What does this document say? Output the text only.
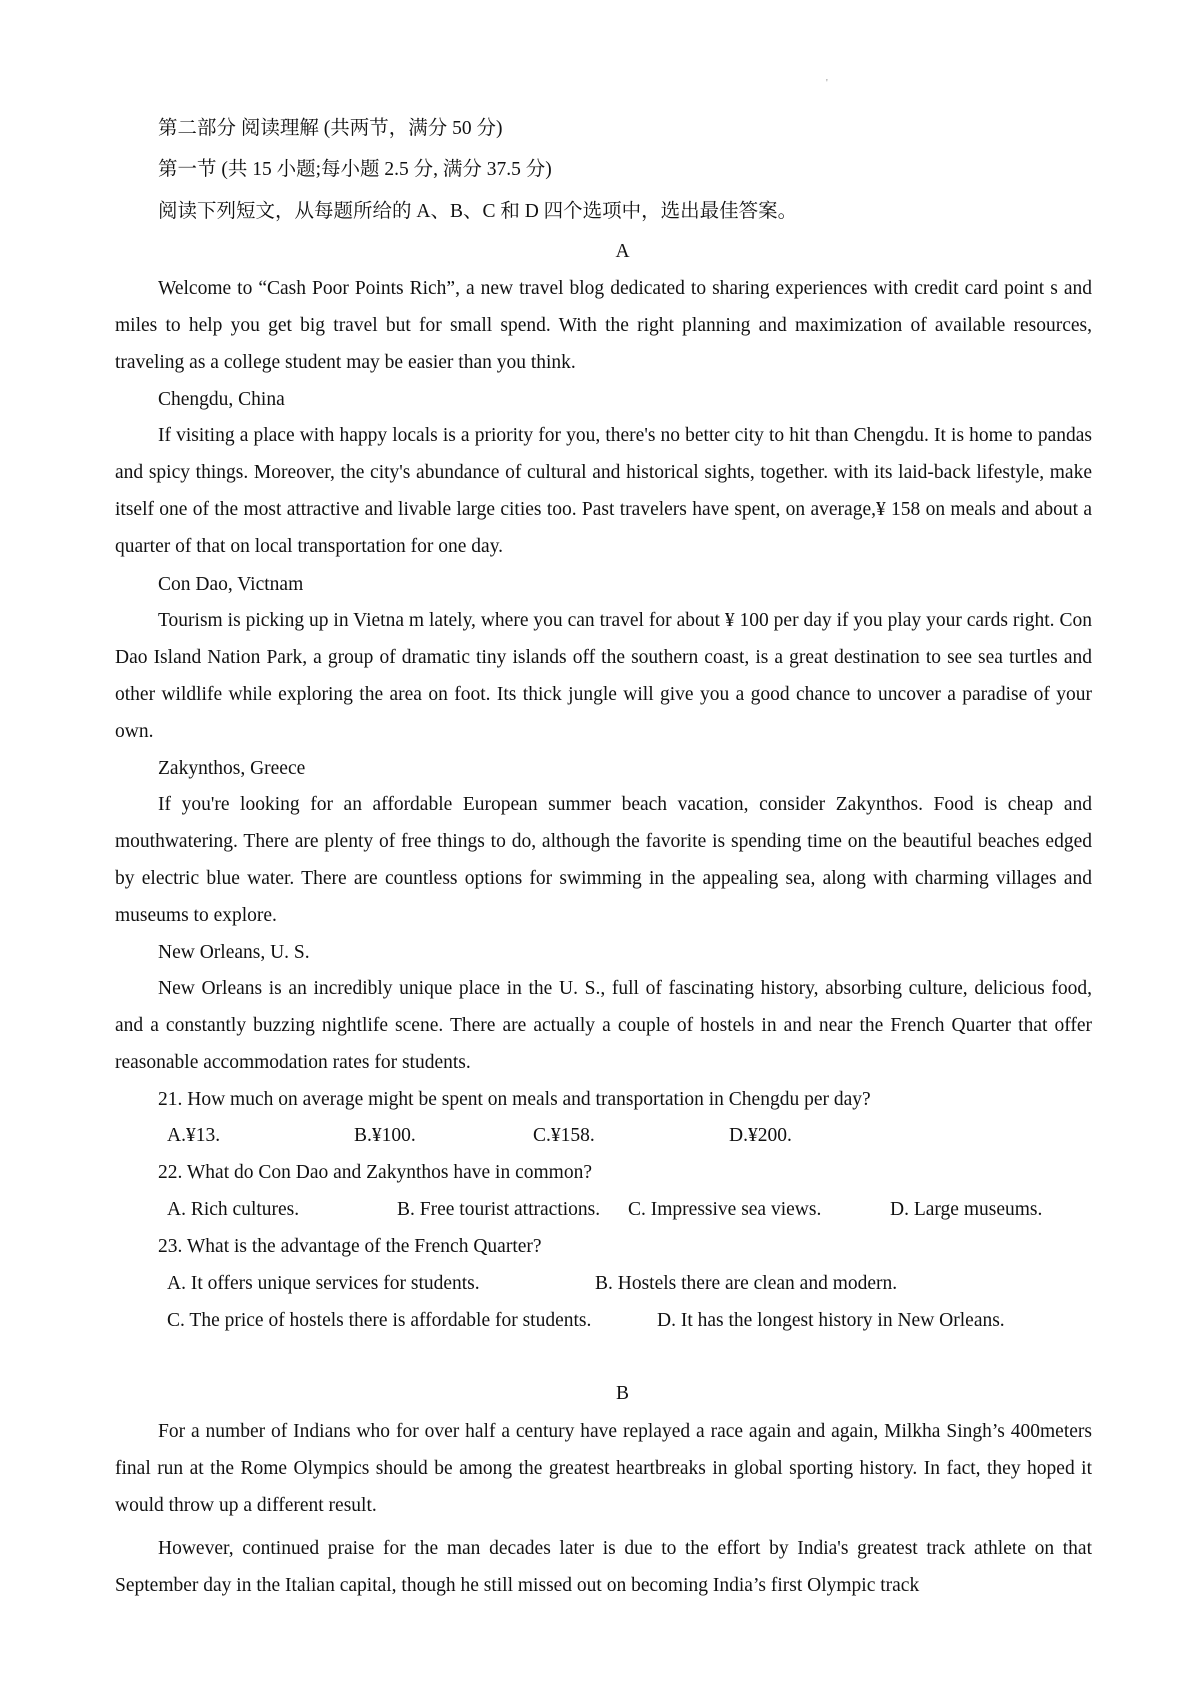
'
第二部分 阅读理解 (共两节，满分 50 分)
第一节 (共 15 小题;每小题 2.5 分, 满分 37.5 分)
阅读下列短文，从每题所给的 A、B、C 和 D 四个选项中，选出最佳答案。
A
Welcome to “Cash Poor Points Rich”, a new travel blog dedicated to sharing experiences with credit card point s and miles to help you get big travel but for small spend. With the right planning and maximization of available resources, traveling as a college student may be easier than you think.
Chengdu, China
If visiting a place with happy locals is a priority for you, there's no better city to hit than Chengdu. It is home to pandas and spicy things. Moreover, the city's abundance of cultural and historical sights, together. with its laid-back lifestyle, make itself one of the most attractive and livable large cities too. Past travelers have spent, on average,¥ 158 on meals and about a quarter of that on local transportation for one day.
Con Dao, Victnam
Tourism is picking up in Vietna m lately, where you can travel for about ¥ 100 per day if you play your cards right. Con Dao Island Nation Park, a group of dramatic tiny islands off the southern coast, is a great destination to see sea turtles and other wildlife while exploring the area on foot. Its thick jungle will give you a good chance to uncover a paradise of your own.
Zakynthos, Greece
If you're looking for an affordable European summer beach vacation, consider Zakynthos. Food is cheap and mouthwatering. There are plenty of free things to do, although the favorite is spending time on the beautiful beaches edged by electric blue water. There are countless options for swimming in the appealing sea, along with charming villages and museums to explore.
New Orleans, U. S.
New Orleans is an incredibly unique place in the U. S., full of fascinating history, absorbing culture, delicious food, and a constantly buzzing nightlife scene. There are actually a couple of hostels in and near the French Quarter that offer reasonable accommodation rates for students.
21. How much on average might be spent on meals and transportation in Chengdu per day?
A.¥13.	B.¥100.	C.¥158.	D.¥200.
22. What do Con Dao and Zakynthos have in common?
A. Rich cultures.	B. Free tourist attractions. C. Impressive sea views.	D. Large museums.
23. What is the advantage of the French Quarter?
A. It offers unique services for students.	B. Hostels there are clean and modern.
C. The price of hostels there is affordable for students.	D. It has the longest history in New Orleans.
B
For a number of Indians who for over half a century have replayed a race again and again, Milkha Singh’s 400meters final run at the Rome Olympics should be among the greatest heartbreaks in global sporting history. In fact, they hoped it would throw up a different result.
However, continued praise for the man decades later is due to the effort by India's greatest track athlete on that September day in the Italian capital, though he still missed out on becoming India’s first Olympic track
